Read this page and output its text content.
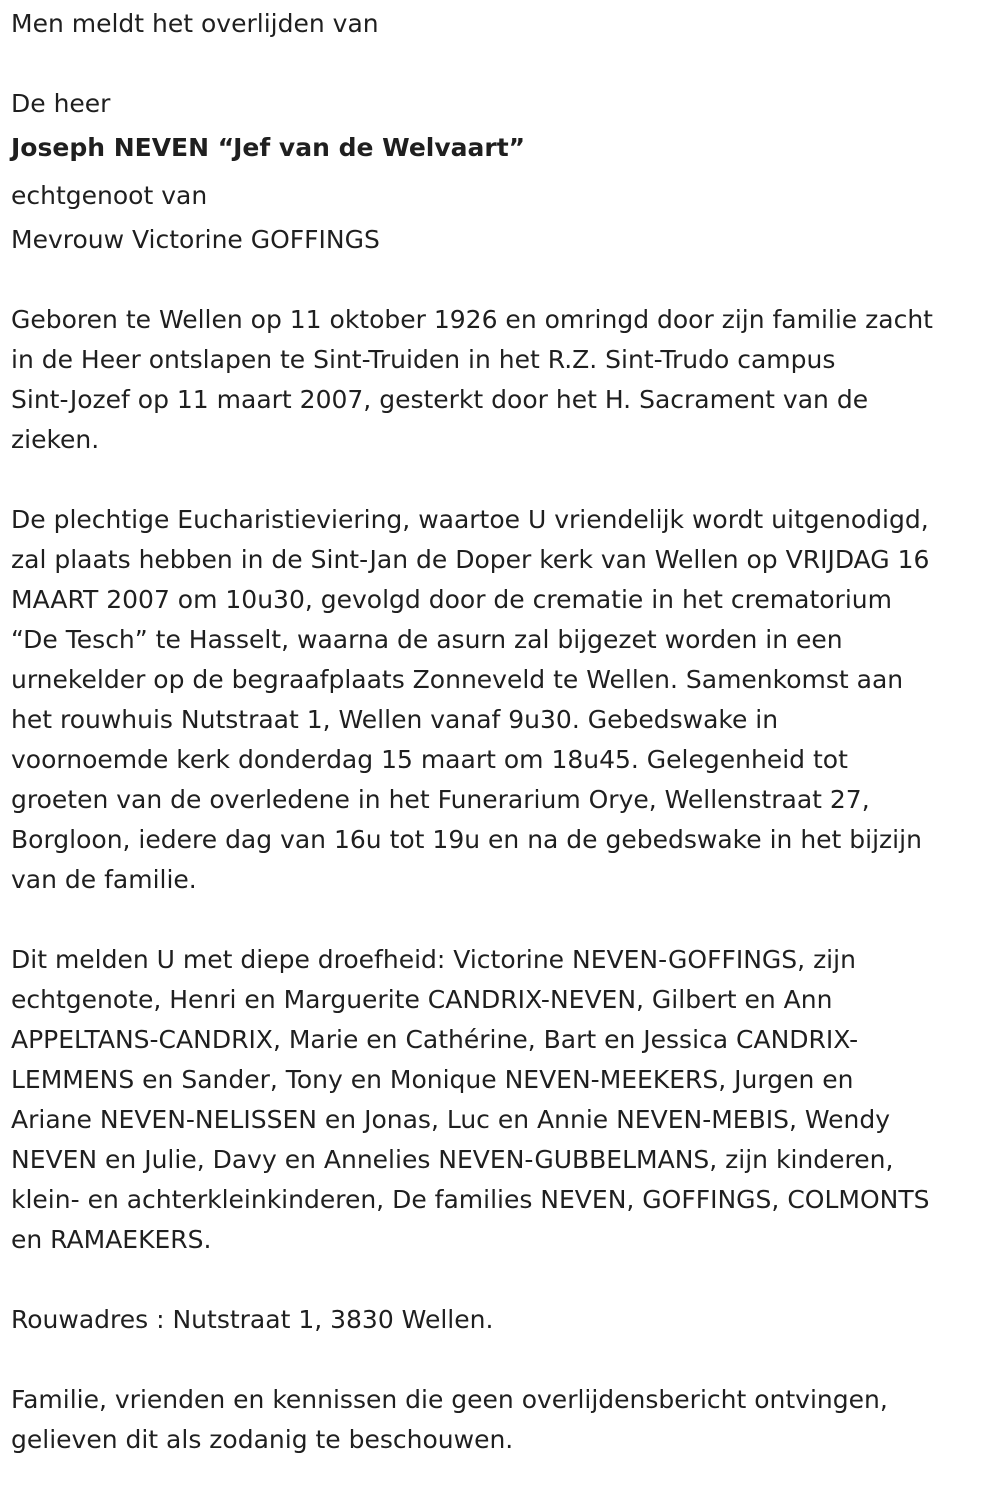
Men meldt het overlijden van

De heer

Joseph NEVEN “Jef van de Welvaart”

echtgenoot van

Mevrouw Victorine GOFFINGS

Geboren te Wellen op 11 oktober 1926 en omringd door zijn familie zacht
in de Heer ontslapen te Sint-Truiden in het R.Z. Sint-Trudo campus
Sint-Jozef op 11 maart 2007, gesterkt door het H. Sacrament van de
zieken.

De plechtige Eucharistieviering, waartoe U vriendelijk wordt uitgenodigd,
zal plaats hebben in de Sint-Jan de Doper kerk van Wellen op VRIJDAG 16
MAART 2007 om 10u30, gevolgd door de crematie in het crematorium
“De Tesch” te Hasselt, waarna de asurn zal bijgezet worden in een
urnekelder op de begraafplaats Zonneveld te Wellen. Samenkomst aan
het rouwhuis Nutstraat 1, Wellen vanaf 9u30. Gebedswake in
voornoemde kerk donderdag 15 maart om 18u45. Gelegenheid tot
groeten van de overledene in het Funerarium Orye, Wellenstraat 27,
Borgloon, iedere dag van 16u tot 19u en na de gebedswake in het bijzijn
van de familie.

Dit melden U met diepe droefheid: Victorine NEVEN-GOFFINGS, zijn
echtgenote, Henri en Marguerite CANDRIX-NEVEN, Gilbert en Ann
APPELTANS-CANDRIX, Marie en Cathérine, Bart en Jessica CANDRIX-
LEMMENS en Sander, Tony en Monique NEVEN-MEEKERS, Jurgen en
Ariane NEVEN-NELISSEN en Jonas, Luc en Annie NEVEN-MEBIS, Wendy
NEVEN en Julie, Davy en Annelies NEVEN-GUBBELMANS, zijn kinderen,
klein- en achterkleinkinderen, De families NEVEN, GOFFINGS, COLMONTS
en RAMAEKERS.

Rouwadres : Nutstraat 1, 3830 Wellen.

Familie, vrienden en kennissen die geen overlijdensbericht ontvingen,
gelieven dit als zodanig te beschouwen.
